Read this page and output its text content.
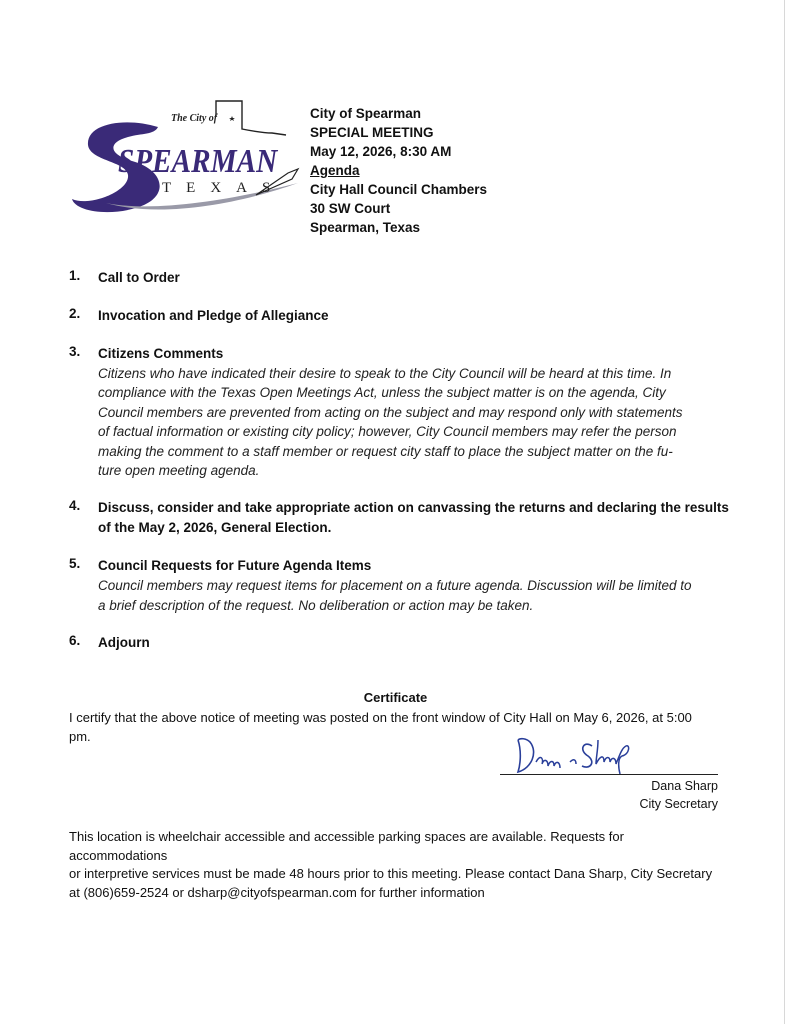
The City of
SPEARMAN
TEXAS
City of Spearman
SPECIAL MEETING
May 12, 2026, 8:30 AM
Agenda
City Hall Council Chambers
30 SW Court
Spearman, Texas
1. Call to Order
2. Invocation and Pledge of Allegiance
3. Citizens Comments
Citizens who have indicated their desire to speak to the City Council will be heard at this time. In
compliance with the Texas Open Meetings Act, unless the subject matter is on the agenda, City
Council members are prevented from acting on the subject and may respond only with statements
of factual information or existing city policy; however, City Council members may refer the person
making the comment to a staff member or request city staff to place the subject matter on the fu-
ture open meeting agenda.
4. Discuss, consider and take appropriate action on canvassing the returns and declaring the results
of the May 2, 2026, General Election.
5. Council Requests for Future Agenda Items
Council members may request items for placement on a future agenda. Discussion will be limited to
a brief description of the request. No deliberation or action may be taken.
6. Adjourn
Certificate
I certify that the above notice of meeting was posted on the front window of City Hall on May 6, 2026, at 5:00
pm.
Dana Sharp
City Secretary
This location is wheelchair accessible and accessible parking spaces are available. Requests for accommodations
or interpretive services must be made 48 hours prior to this meeting. Please contact Dana Sharp, City Secretary
at (806)659-2524 or dsharp@cityofspearman.com for further information
